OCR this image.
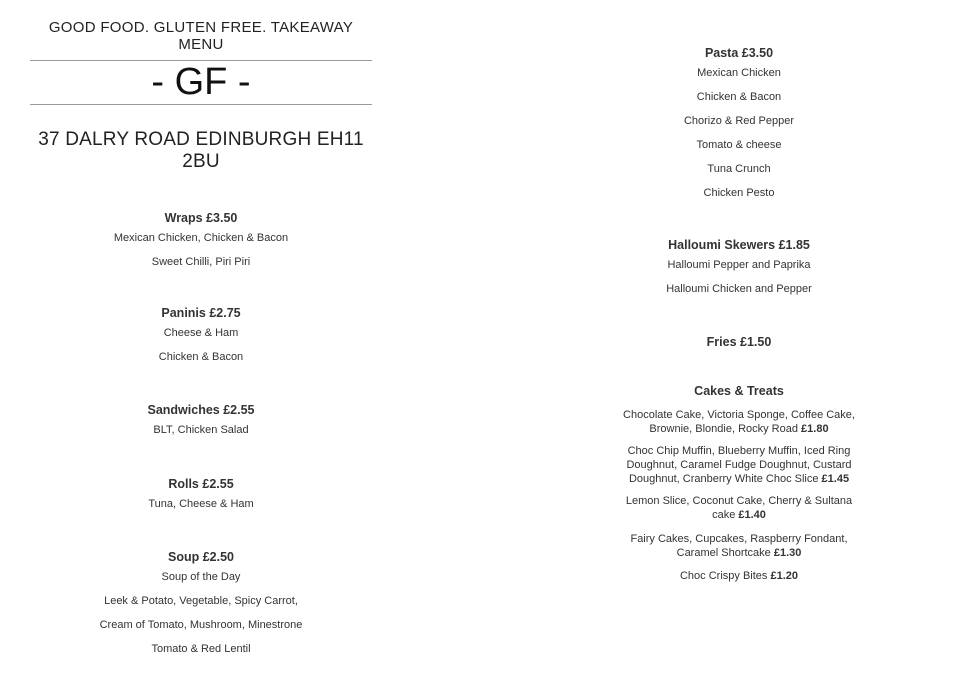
GOOD FOOD. GLUTEN FREE. TAKEAWAY MENU
- GF -
37 DALRY ROAD EDINBURGH EH11 2BU
Wraps £3.50
Mexican Chicken, Chicken & Bacon
Sweet Chilli, Piri Piri
Paninis £2.75
Cheese & Ham
Chicken & Bacon
Sandwiches £2.55
BLT, Chicken Salad
Rolls £2.55
Tuna, Cheese & Ham
Soup £2.50
Soup of the Day
Leek & Potato, Vegetable, Spicy Carrot,
Cream of Tomato, Mushroom, Minestrone
Tomato & Red Lentil
Pasta £3.50
Mexican Chicken
Chicken & Bacon
Chorizo & Red Pepper
Tomato & cheese
Tuna Crunch
Chicken Pesto
Halloumi Skewers £1.85
Halloumi Pepper and Paprika
Halloumi Chicken and Pepper
Fries £1.50
Cakes & Treats
Chocolate Cake, Victoria Sponge, Coffee Cake,
Brownie, Blondie, Rocky Road £1.80
Choc Chip Muffin, Blueberry Muffin, Iced Ring
Doughnut, Caramel Fudge Doughnut, Custard
Doughnut, Cranberry White Choc Slice £1.45
Lemon Slice, Coconut Cake, Cherry & Sultana
cake £1.40
Fairy Cakes, Cupcakes, Raspberry Fondant,
Caramel Shortcake £1.30
Choc Crispy Bites £1.20
